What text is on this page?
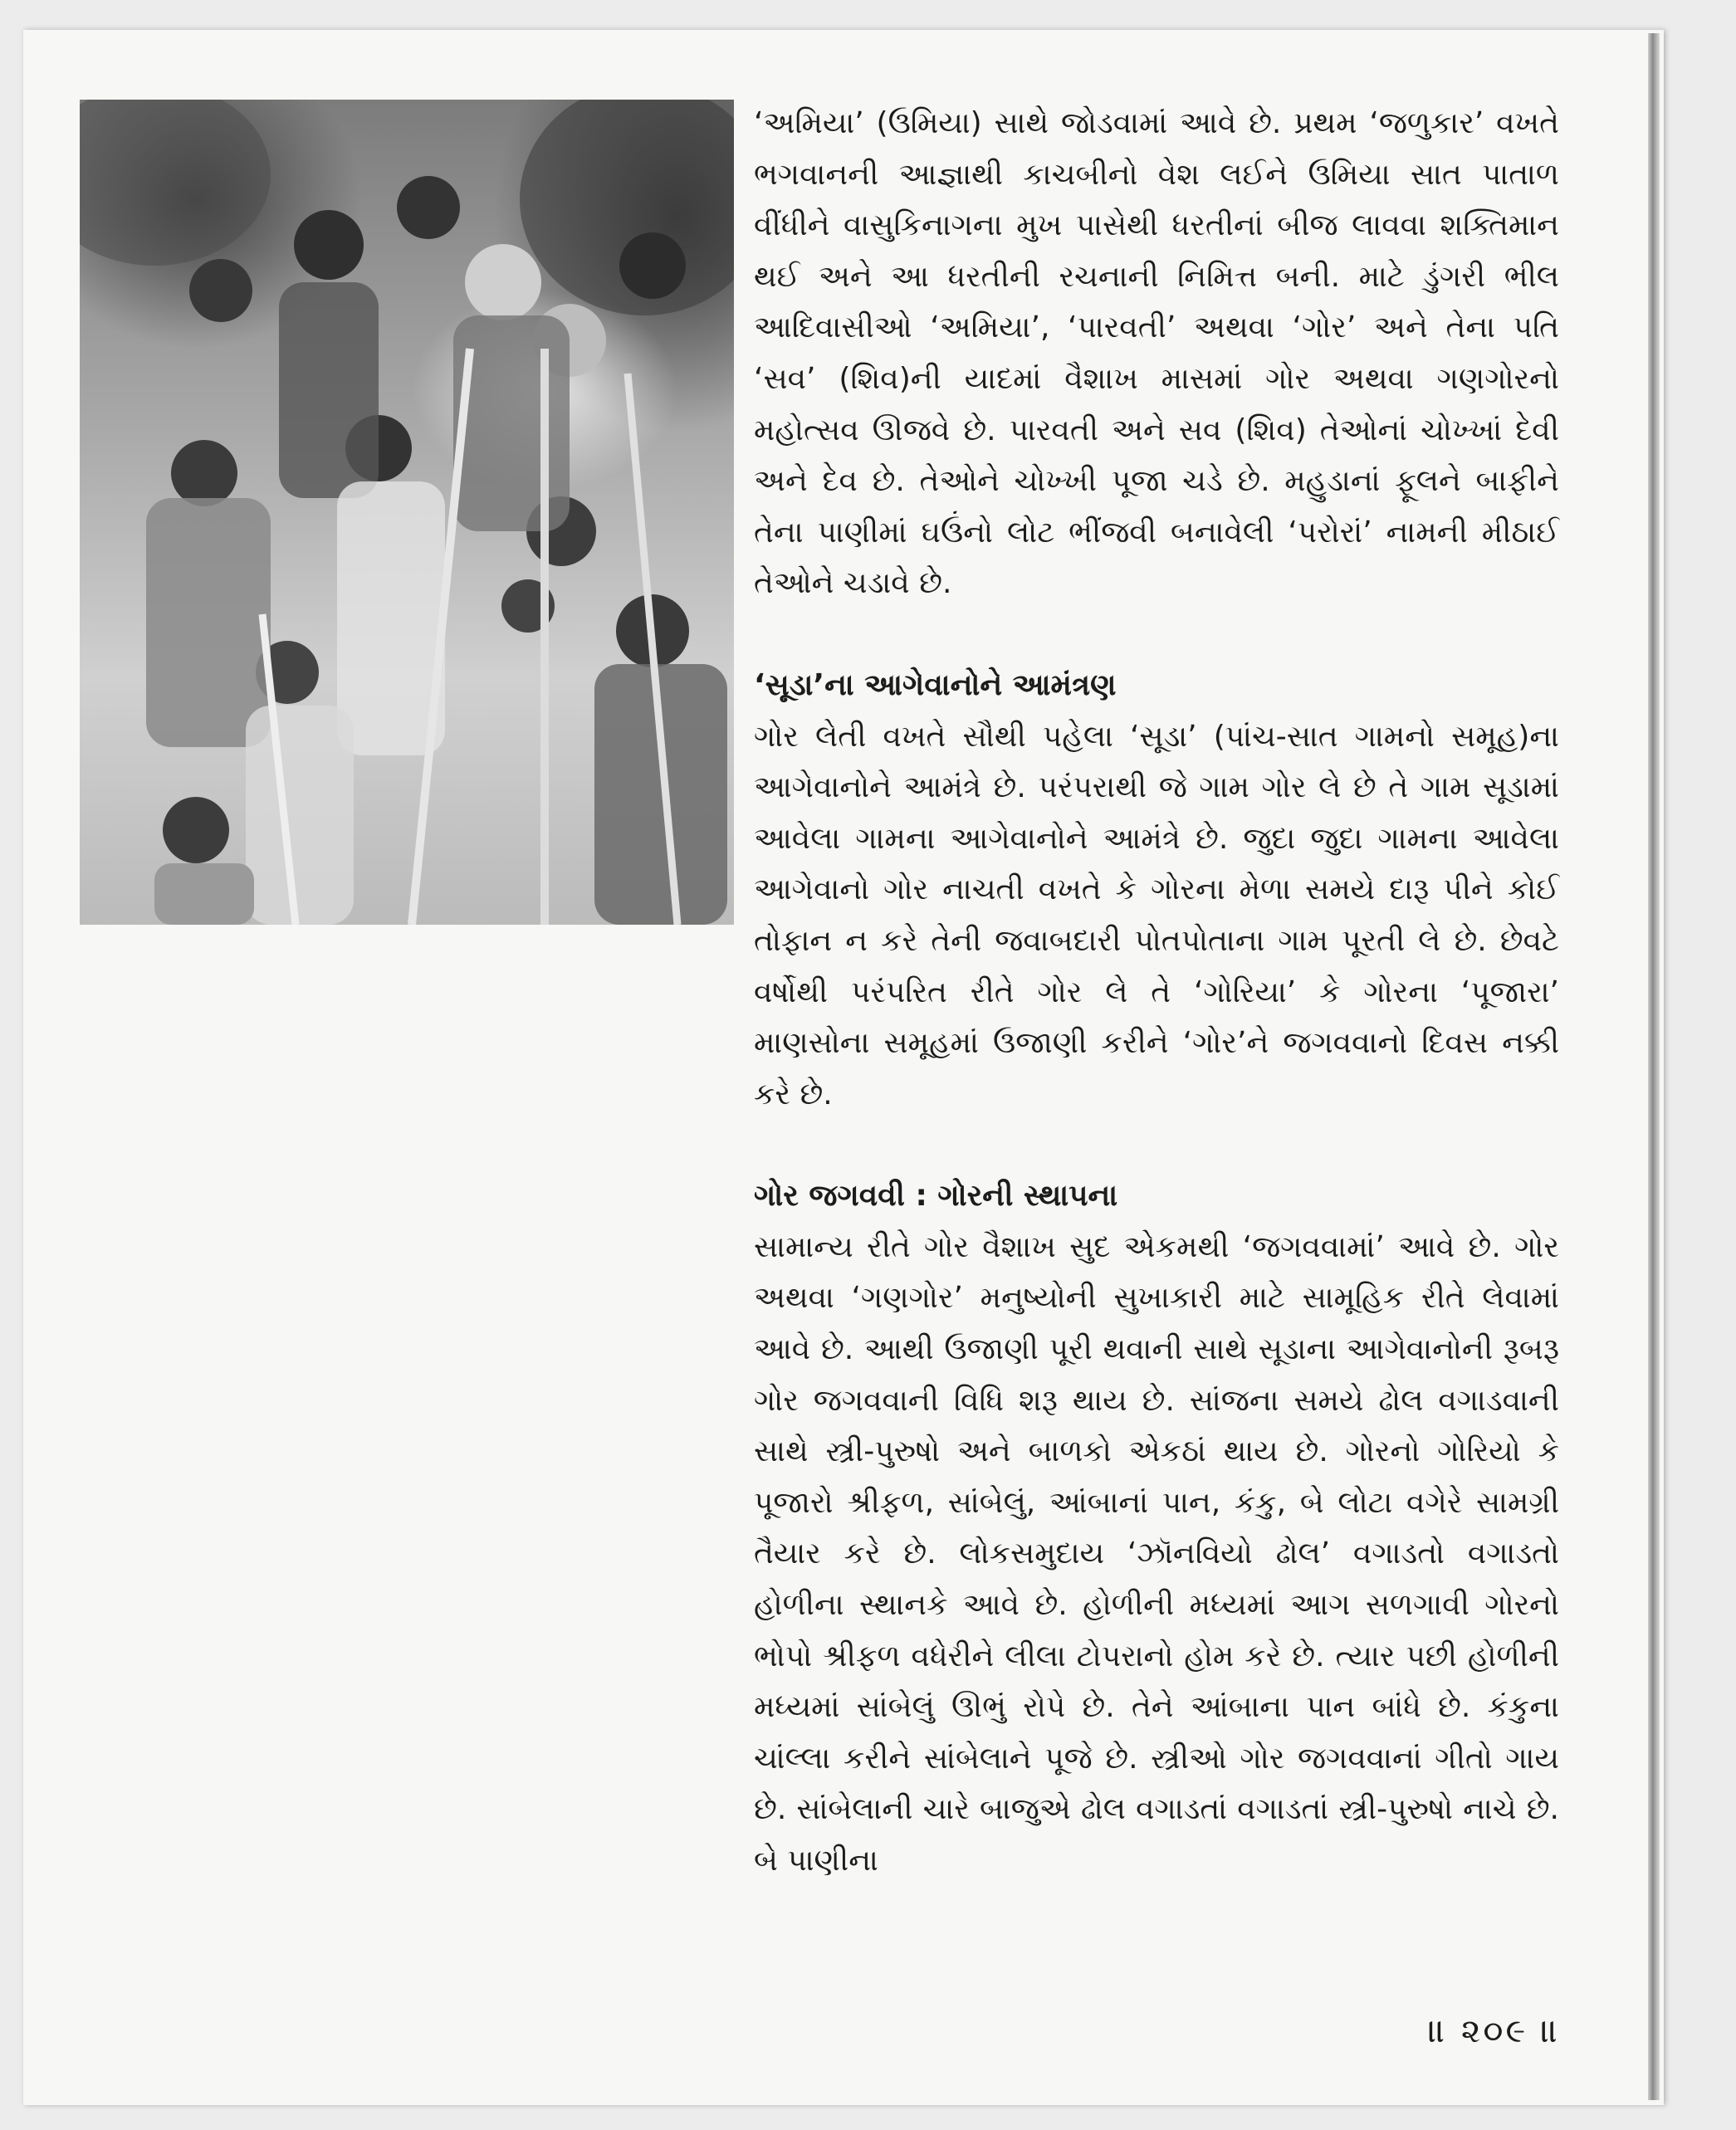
‘અમિયા’ (ઉમિયા) સાથે જોડવામાં આવે છે. પ્રથમ ‘જળુકાર’ વખતે ભગવાનની આજ્ઞાથી કાચબીનો વેશ લઈને ઉમિયા સાત પાતાળ વીંધીને વાસુકિનાગના મુખ પાસેથી ધરતીનાં બીજ લાવવા શક્તિમાન થઈ અને આ ધરતીની રચનાની નિમિત્ત બની. માટે ડુંગરી ભીલ આદિવાસીઓ ‘અમિયા’, ‘પારવતી’ અથવા ‘ગોર’ અને તેના પતિ ‘સવ’ (શિવ)ની યાદમાં વૈશાખ માસમાં ગોર અથવા ગણગોરનો મહોત્સવ ઊજવે છે. પારવતી અને સવ (શિવ) તેઓનાં ચોખ્ખાં દેવી અને દેવ છે. તેઓને ચોખ્ખી પૂજા ચડે છે. મહુડાનાં ફૂલને બાફીને તેના પાણીમાં ઘઉંનો લોટ ભીંજવી બનાવેલી ‘પરોરાં’ નામની મીઠાઈ તેઓને ચડાવે છે.

‘સૂડા’ના આગેવાનોને આમંત્રણ

ગોર લેતી વખતે સૌથી પહેલા ‘સૂડા’ (પાંચ-સાત ગામનો સમૂહ)ના આગેવાનોને આમંત્રે છે. પરંપરાથી જે ગામ ગોર લે છે તે ગામ સૂડામાં આવેલા ગામના આગેવાનોને આમંત્રે છે. જુદા જુદા ગામના આવેલા આગેવાનો ગોર નાચતી વખતે કે ગોરના મેળા સમયે દારૂ પીને કોઈ તોફાન ન કરે તેની જવાબદારી પોતપોતાના ગામ પૂરતી લે છે. છેવટે વર્ષોથી પરંપરિત રીતે ગોર લે તે ‘ગોરિયા’ કે ગોરના ‘પૂજારા’ માણસોના સમૂહમાં ઉજાણી કરીને ‘ગોર’ને જગવવાનો દિવસ નક્કી કરે છે.

ગોર જગવવી : ગોરની સ્થાપના

સામાન્ય રીતે ગોર વૈશાખ સુદ એકમથી ‘જગવવામાં’ આવે છે. ગોર અથવા ‘ગણગોર’ મનુષ્યોની સુખાકારી માટે સામૂહિક રીતે લેવામાં આવે છે. આથી ઉજાણી પૂરી થવાની સાથે સૂડાના આગેવાનોની રૂબરૂ ગોર જગવવાની વિધિ શરૂ થાય છે. સાંજના સમયે ઢોલ વગાડવાની સાથે સ્ત્રી-પુરુષો અને બાળકો એકઠાં થાય છે. ગોરનો ગોરિયો કે પૂજારો શ્રીફળ, સાંબેલું, આંબાનાં પાન, કંકુ, બે લોટા વગેરે સામગ્રી તૈયાર કરે છે. લોકસમુદાય ‘ઝૉનવિયો ઢોલ’ વગાડતો વગાડતો હોળીના સ્થાનકે આવે છે. હોળીની મધ્યમાં આગ સળગાવી ગોરનો ભોપો શ્રીફળ વધેરીને લીલા ટોપરાનો હોમ કરે છે. ત્યાર પછી હોળીની મધ્યમાં સાંબેલું ઊભું રોપે છે. તેને આંબાના પાન બાંધે છે. કંકુના ચાંલ્લા કરીને સાંબેલાને પૂજે છે. સ્ત્રીઓ ગોર જગવવાનાં ગીતો ગાય છે. સાંબેલાની ચારે બાજુએ ઢોલ વગાડતાં વગાડતાં સ્ત્રી-પુરુષો નાચે છે. બે પાણીના

॥ ૨૦૯ ॥
